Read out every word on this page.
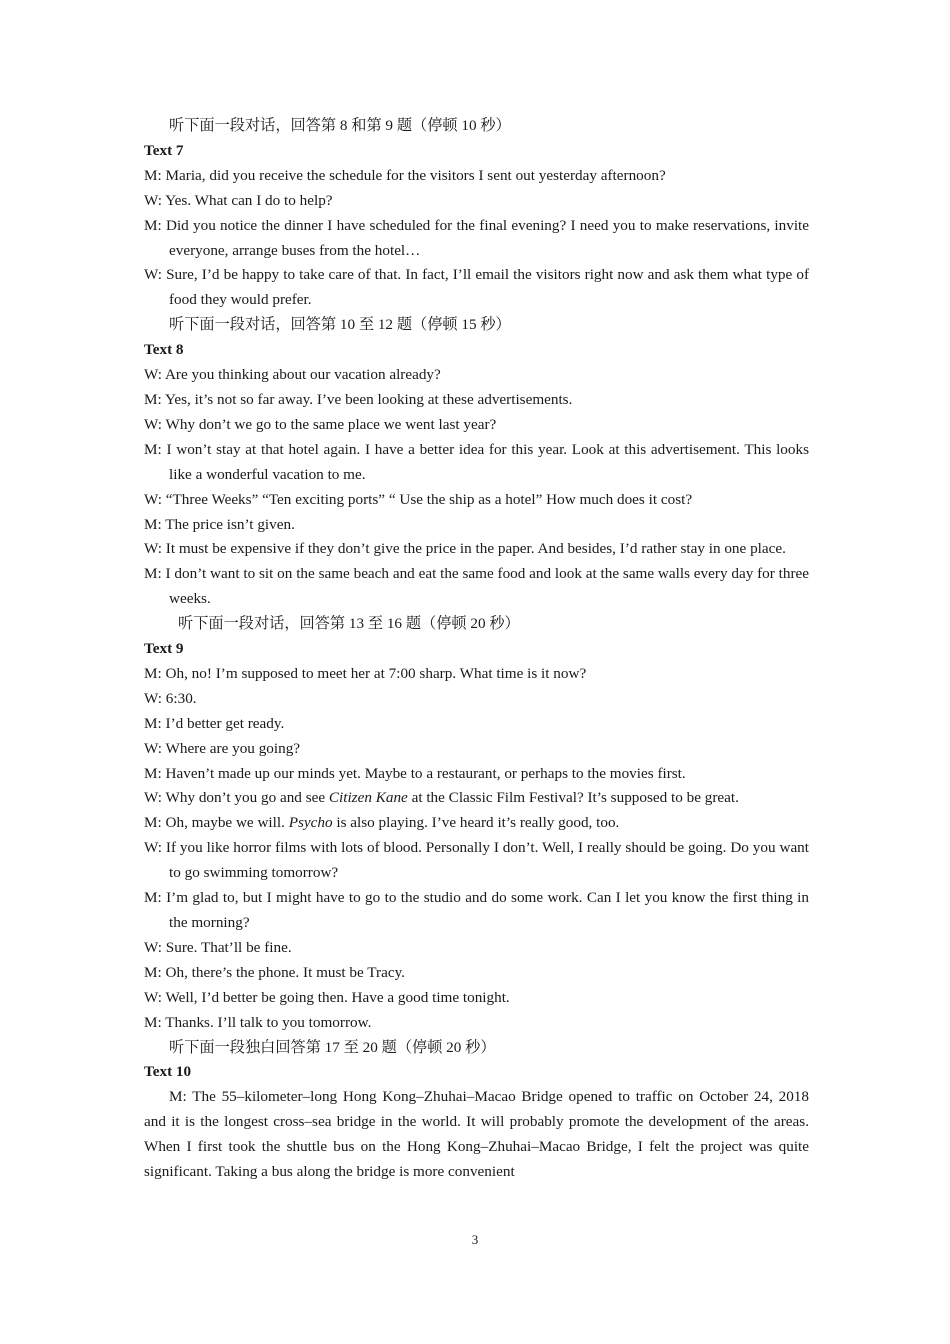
听下面一段对话，回答第 8 和第 9 题（停顿 10 秒）
Text 7
M: Maria, did you receive the schedule for the visitors I sent out yesterday afternoon?
W: Yes. What can I do to help?
M: Did you notice the dinner I have scheduled for the final evening? I need you to make reservations, invite everyone, arrange buses from the hotel…
W: Sure, I’d be happy to take care of that. In fact, I’ll email the visitors right now and ask them what type of food they would prefer.
听下面一段对话，回答第 10 至 12 题（停顿 15 秒）
Text 8
W: Are you thinking about our vacation already?
M: Yes, it’s not so far away. I’ve been looking at these advertisements.
W: Why don’t we go to the same place we went last year?
M: I won’t stay at that hotel again. I have a better idea for this year. Look at this advertisement. This looks like a wonderful vacation to me.
W: “Three Weeks” “Ten exciting ports” “ Use the ship as a hotel” How much does it cost?
M: The price isn’t given.
W: It must be expensive if they don’t give the price in the paper. And besides, I’d rather stay in one place.
M: I don’t want to sit on the same beach and eat the same food and look at the same walls every day for three weeks.
听下面一段对话，回答第 13 至 16 题（停顿 20 秒）
Text 9
M: Oh, no! I’m supposed to meet her at 7:00 sharp. What time is it now?
W: 6:30.
M: I’d better get ready.
W: Where are you going?
M: Haven’t made up our minds yet. Maybe to a restaurant, or perhaps to the movies first.
W: Why don’t you go and see Citizen Kane at the Classic Film Festival? It’s supposed to be great.
M: Oh, maybe we will. Psycho is also playing. I’ve heard it’s really good, too.
W: If you like horror films with lots of blood. Personally I don’t. Well, I really should be going. Do you want to go swimming tomorrow?
M: I’m glad to, but I might have to go to the studio and do some work. Can I let you know the first thing in the morning?
W: Sure. That’ll be fine.
M: Oh, there’s the phone. It must be Tracy.
W: Well, I’d better be going then. Have a good time tonight.
M: Thanks. I’ll talk to you tomorrow.
听下面一段独白回答第 17 至 20 题（停顿 20 秒）
Text 10
M: The 55–kilometer–long Hong Kong–Zhuhai–Macao Bridge opened to traffic on October 24, 2018 and it is the longest cross–sea bridge in the world. It will probably promote the development of the areas. When I first took the shuttle bus on the Hong Kong–Zhuhai–Macao Bridge, I felt the project was quite significant. Taking a bus along the bridge is more convenient
3
